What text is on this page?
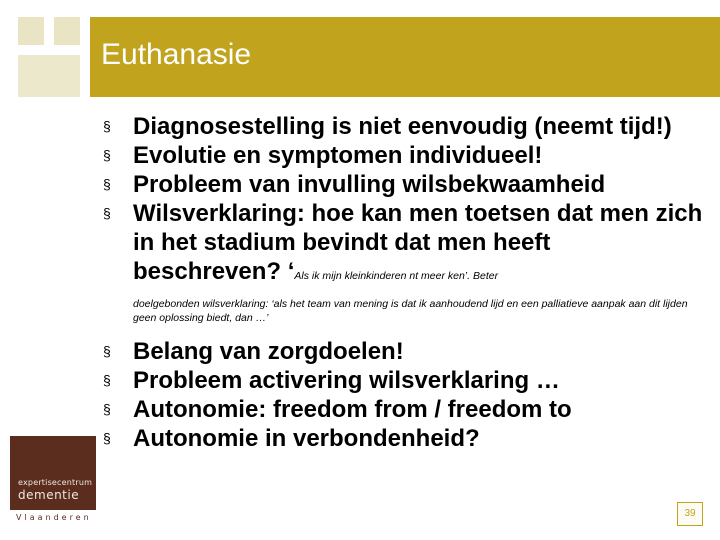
Euthanasie
§ Diagnosestelling is niet eenvoudig (neemt tijd!)
§ Evolutie en symptomen individueel!
§ Probleem van invulling wilsbekwaamheid
§ Wilsverklaring: hoe kan men toetsen dat men zich in het stadium bevindt dat men heeft beschreven? ‘Als ik mijn kleinkinderen nt meer ken’. Beter
doelgebonden wilsverklaring: ‘als het team van mening is dat ik aanhoudend lijd en een palliatieve aanpak aan dit lijden geen oplossing biedt, dan …’
§ Belang van zorgdoelen!
§ Probleem activering wilsverklaring …
§ Autonomie: freedom from / freedom to
§ Autonomie in verbondenheid?
expertisecentrum
dementie
Vlaanderen	39
